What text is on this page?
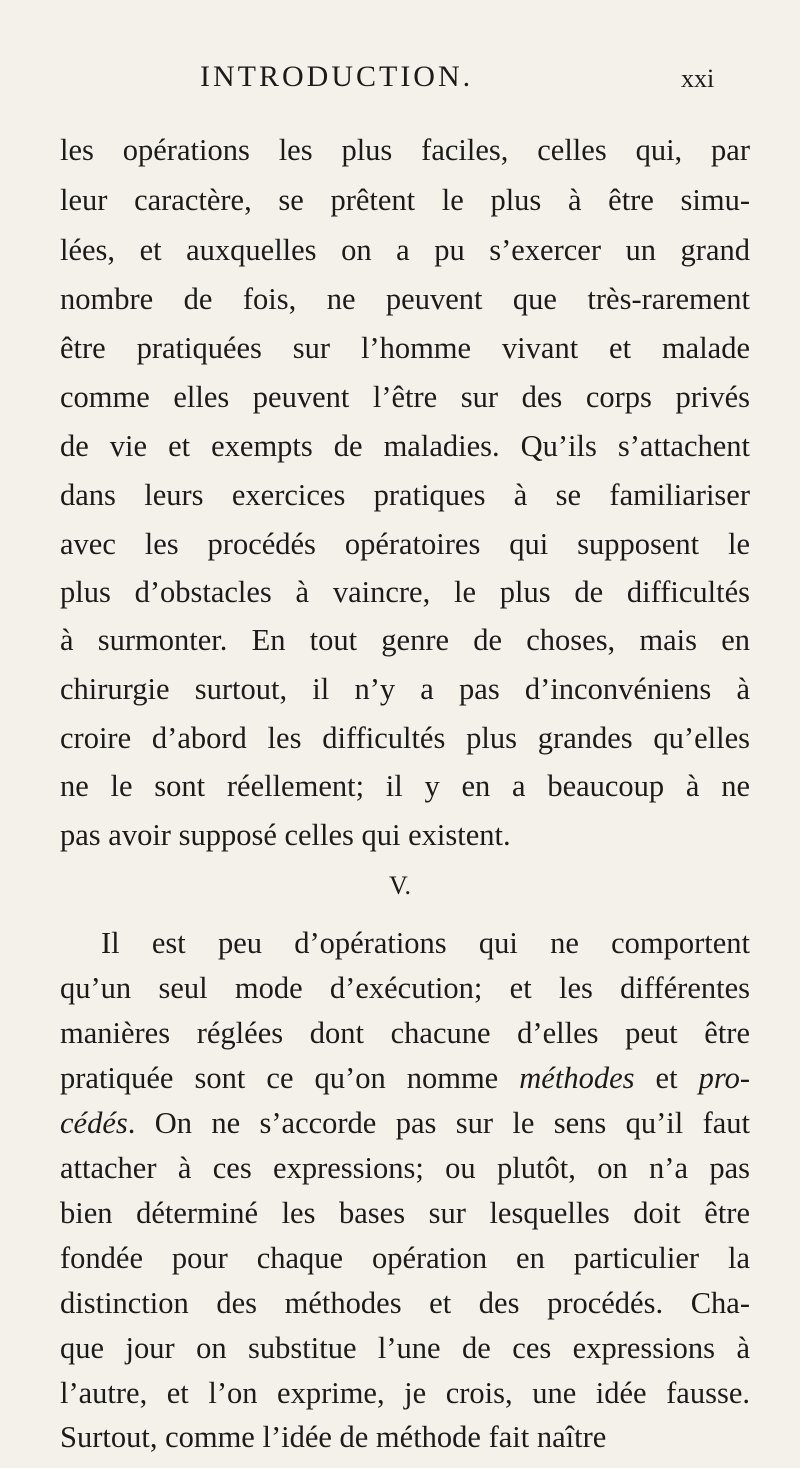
INTRODUCTION.	xxi
les opérations les plus faciles, celles qui, par
leur caractère, se prêtent le plus à être simu-
lées, et auxquelles on a pu s’exercer un grand
nombre de fois, ne peuvent que très-rarement
être pratiquées sur l’homme vivant et malade
comme elles peuvent l’être sur des corps privés
de vie et exempts de maladies. Qu’ils s’attachent
dans leurs exercices pratiques à se familiariser
avec les procédés opératoires qui supposent le
plus d’obstacles à vaincre, le plus de difficultés
à surmonter. En tout genre de choses, mais en
chirurgie surtout, il n’y a pas d’inconvéniens à
croire d’abord les difficultés plus grandes qu’elles
ne le sont réellement; il y en a beaucoup à ne
pas avoir supposé celles qui existent.
V.
Il est peu d’opérations qui ne comportent
qu’un seul mode d’exécution; et les différentes
manières réglées dont chacune d’elles peut être
pratiquée sont ce qu’on nomme méthodes et pro-
cédés. On ne s’accorde pas sur le sens qu’il faut
attacher à ces expressions; ou plutôt, on n’a pas
bien déterminé les bases sur lesquelles doit être
fondée pour chaque opération en particulier la
distinction des méthodes et des procédés. Cha-
que jour on substitue l’une de ces expressions à
l’autre, et l’on exprime, je crois, une idée fausse.
Surtout, comme l’idée de méthode fait naître
